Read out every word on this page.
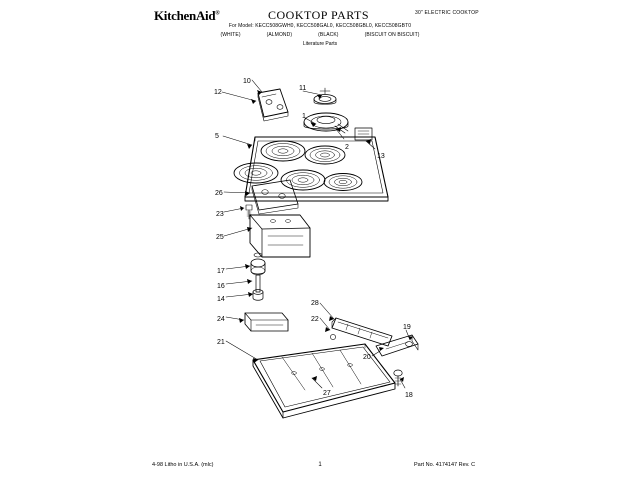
KitchenAid®	COOKTOP PARTS	30" ELECTRIC COOKTOP
For Model: KECC508GWH0, KECC508GAL0, KECC508GBL0, KECC508GBT0
(WHITE)	(ALMOND)	(BLACK)	(BISCUIT ON BISCUIT)
Literature Parts
10
11
12
1
2
13
5
26
23
25
17
16
14
24
21
28
22
27
19
20
18
4-98 Litho in U.S.A. (mlc)	1	Part No. 4174147 Rev. C
